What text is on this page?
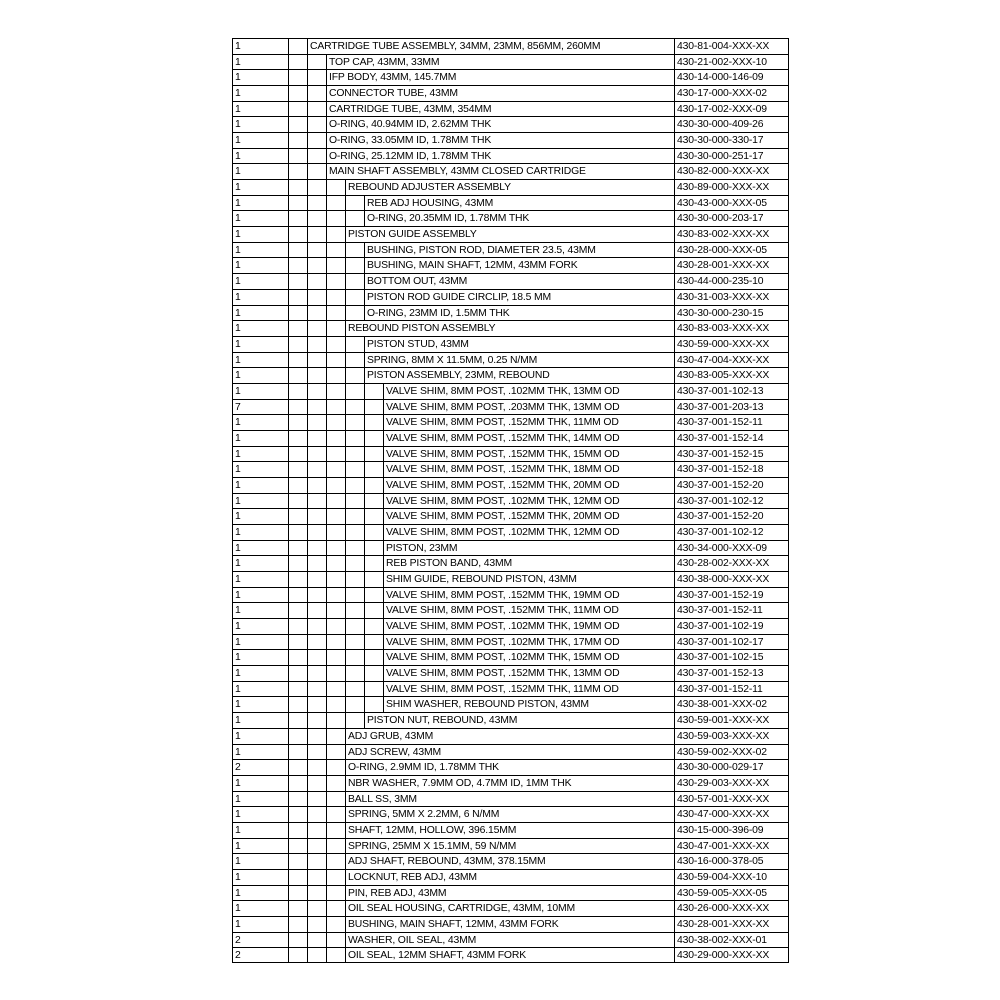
1	CARTRIDGE TUBE ASSEMBLY, 34MM, 23MM, 856MM, 260MM	430-81-004-XXX-XX
1	TOP CAP, 43MM, 33MM	430-21-002-XXX-10
1	IFP BODY, 43MM, 145.7MM	430-14-000-146-09
1	CONNECTOR TUBE, 43MM	430-17-000-XXX-02
1	CARTRIDGE TUBE, 43MM, 354MM	430-17-002-XXX-09
1	O-RING, 40.94MM ID, 2.62MM THK	430-30-000-409-26
1	O-RING, 33.05MM ID, 1.78MM THK	430-30-000-330-17
1	O-RING, 25.12MM ID, 1.78MM THK	430-30-000-251-17
1	MAIN SHAFT ASSEMBLY, 43MM CLOSED CARTRIDGE	430-82-000-XXX-XX
1	REBOUND ADJUSTER ASSEMBLY	430-89-000-XXX-XX
1	REB ADJ HOUSING, 43MM	430-43-000-XXX-05
1	O-RING, 20.35MM ID, 1.78MM THK	430-30-000-203-17
1	PISTON GUIDE ASSEMBLY	430-83-002-XXX-XX
1	BUSHING, PISTON ROD, DIAMETER 23.5, 43MM	430-28-000-XXX-05
1	BUSHING, MAIN SHAFT, 12MM, 43MM FORK	430-28-001-XXX-XX
1	BOTTOM OUT, 43MM	430-44-000-235-10
1	PISTON ROD GUIDE CIRCLIP, 18.5 MM	430-31-003-XXX-XX
1	O-RING, 23MM ID, 1.5MM THK	430-30-000-230-15
1	REBOUND PISTON ASSEMBLY	430-83-003-XXX-XX
1	PISTON STUD, 43MM	430-59-000-XXX-XX
1	SPRING, 8MM X 11.5MM, 0.25 N/MM	430-47-004-XXX-XX
1	PISTON ASSEMBLY, 23MM, REBOUND	430-83-005-XXX-XX
1	VALVE SHIM, 8MM POST, .102MM THK, 13MM OD	430-37-001-102-13
7	VALVE SHIM, 8MM POST, .203MM THK, 13MM OD	430-37-001-203-13
1	VALVE SHIM, 8MM POST, .152MM THK, 11MM OD	430-37-001-152-11
1	VALVE SHIM, 8MM POST, .152MM THK, 14MM OD	430-37-001-152-14
1	VALVE SHIM, 8MM POST, .152MM THK, 15MM OD	430-37-001-152-15
1	VALVE SHIM, 8MM POST, .152MM THK, 18MM OD	430-37-001-152-18
1	VALVE SHIM, 8MM POST, .152MM THK, 20MM OD	430-37-001-152-20
1	VALVE SHIM, 8MM POST, .102MM THK, 12MM OD	430-37-001-102-12
1	VALVE SHIM, 8MM POST, .152MM THK, 20MM OD	430-37-001-152-20
1	VALVE SHIM, 8MM POST, .102MM THK, 12MM OD	430-37-001-102-12
1	PISTON, 23MM	430-34-000-XXX-09
1	REB PISTON BAND, 43MM	430-28-002-XXX-XX
1	SHIM GUIDE, REBOUND PISTON, 43MM	430-38-000-XXX-XX
1	VALVE SHIM, 8MM POST, .152MM THK, 19MM OD	430-37-001-152-19
1	VALVE SHIM, 8MM POST, .152MM THK, 11MM OD	430-37-001-152-11
1	VALVE SHIM, 8MM POST, .102MM THK, 19MM OD	430-37-001-102-19
1	VALVE SHIM, 8MM POST, .102MM THK, 17MM OD	430-37-001-102-17
1	VALVE SHIM, 8MM POST, .102MM THK, 15MM OD	430-37-001-102-15
1	VALVE SHIM, 8MM POST, .152MM THK, 13MM OD	430-37-001-152-13
1	VALVE SHIM, 8MM POST, .152MM THK, 11MM OD	430-37-001-152-11
1	SHIM WASHER, REBOUND PISTON, 43MM	430-38-001-XXX-02
1	PISTON NUT, REBOUND, 43MM	430-59-001-XXX-XX
1	ADJ GRUB, 43MM	430-59-003-XXX-XX
1	ADJ SCREW, 43MM	430-59-002-XXX-02
2	O-RING, 2.9MM ID, 1.78MM THK	430-30-000-029-17
1	NBR WASHER, 7.9MM OD, 4.7MM ID, 1MM THK	430-29-003-XXX-XX
1	BALL SS, 3MM	430-57-001-XXX-XX
1	SPRING, 5MM X 2.2MM, 6 N/MM	430-47-000-XXX-XX
1	SHAFT, 12MM, HOLLOW, 396.15MM	430-15-000-396-09
1	SPRING, 25MM X 15.1MM, 59 N/MM	430-47-001-XXX-XX
1	ADJ SHAFT, REBOUND, 43MM, 378.15MM	430-16-000-378-05
1	LOCKNUT, REB ADJ, 43MM	430-59-004-XXX-10
1	PIN, REB ADJ, 43MM	430-59-005-XXX-05
1	OIL SEAL HOUSING, CARTRIDGE, 43MM, 10MM	430-26-000-XXX-XX
1	BUSHING, MAIN SHAFT, 12MM, 43MM FORK	430-28-001-XXX-XX
2	WASHER, OIL SEAL, 43MM	430-38-002-XXX-01
2	OIL SEAL, 12MM SHAFT, 43MM FORK	430-29-000-XXX-XX
